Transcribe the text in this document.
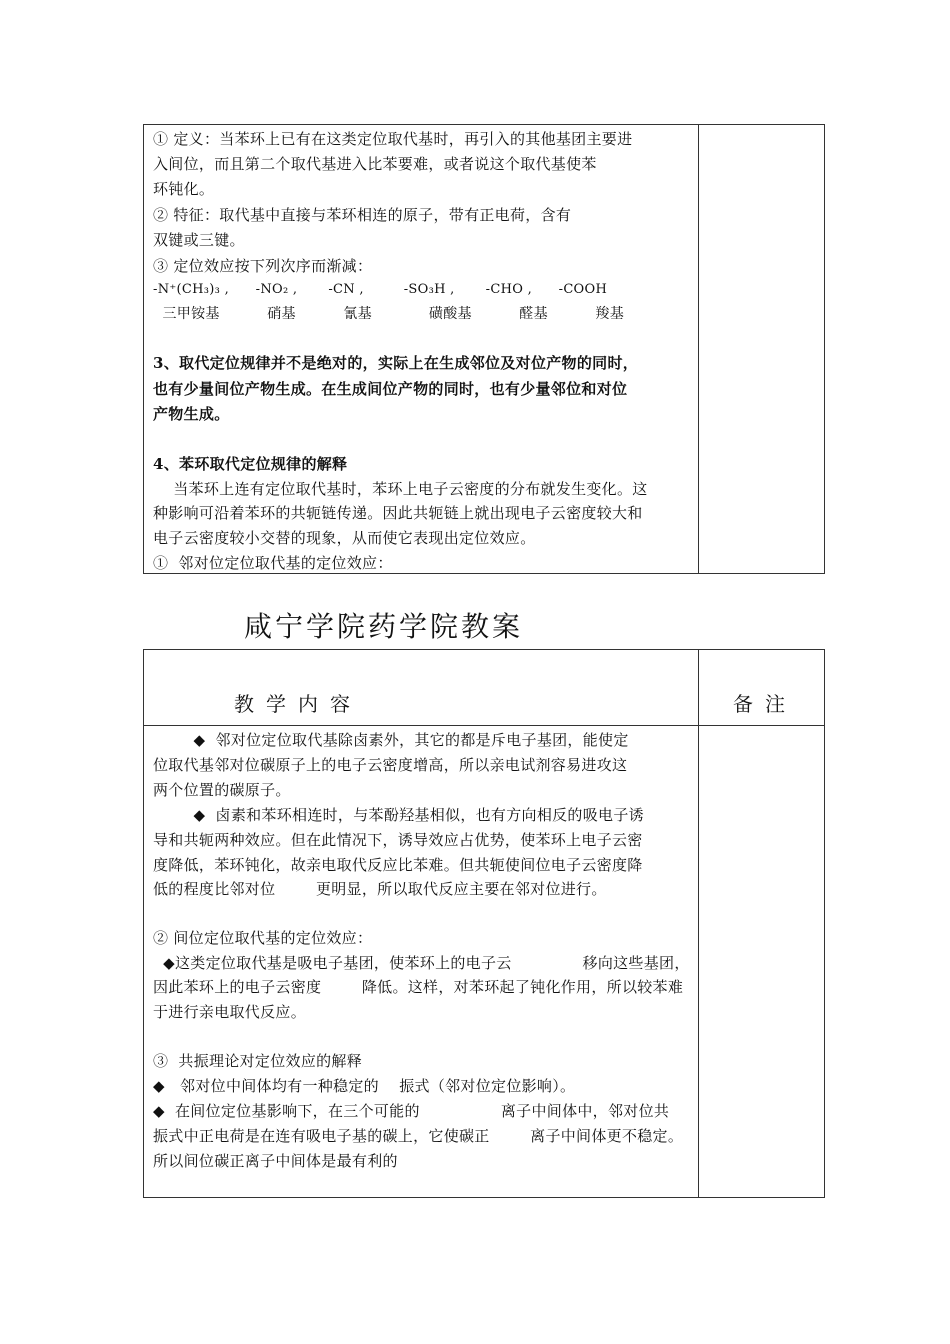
① 定义：当苯环上已有在这类定位取代基时，再引入的其他基团主要进
入间位，而且第二个取代基进入比苯要难，或者说这个取代基使苯
环钝化。
② 特征：取代基中直接与苯环相连的原子，带有正电荷，含有
双键或三键。
③ 定位效应按下列次序而渐减：
-N⁺(CH₃)₃ ,      -NO₂ ,       -CN ,         -SO₃H ,       -CHO ,      -COOH
三甲铵基          硝基          氰基            磺酸基          醛基          羧基
3、取代定位规律并不是绝对的，实际上在生成邻位及对位产物的同时，
也有少量间位产物生成。在生成间位产物的同时，也有少量邻位和对位
产物生成。
4、苯环取代定位规律的解释
当苯环上连有定位取代基时，苯环上电子云密度的分布就发生变化。这
种影响可沿着苯环的共轭链传递。因此共轭链上就出现电子云密度较大和
电子云密度较小交替的现象，从而使它表现出定位效应。
①  邻对位定位取代基的定位效应：
咸宁学院药学院教案
教学内容	备注
◆  邻对位定位取代基除卤素外，其它的都是斥电子基团，能使定
位取代基邻对位碳原子上的电子云密度增高，所以亲电试剂容易进攻这
两个位置的碳原子。
◆  卤素和苯环相连时，与苯酚羟基相似，也有方向相反的吸电子诱
导和共轭两种效应。但在此情况下，诱导效应占优势，使苯环上电子云密
度降低，苯环钝化，故亲电取代反应比苯难。但共轭使间位电子云密度降
低的程度比邻对位        更明显，所以取代反应主要在邻对位进行。
② 间位定位取代基的定位效应：
◆这类定位取代基是吸电子基团，使苯环上的电子云              移向这些基团，
因此苯环上的电子云密度        降低。这样，对苯环起了钝化作用，所以较苯难
于进行亲电取代反应。
③  共振理论对定位效应的解释
◆   邻对位中间体均有一种稳定的    振式（邻对位定位影响）。
◆  在间位定位基影响下，在三个可能的                离子中间体中，邻对位共
振式中正电荷是在连有吸电子基的碳上，它使碳正        离子中间体更不稳定。
所以间位碳正离子中间体是最有利的
